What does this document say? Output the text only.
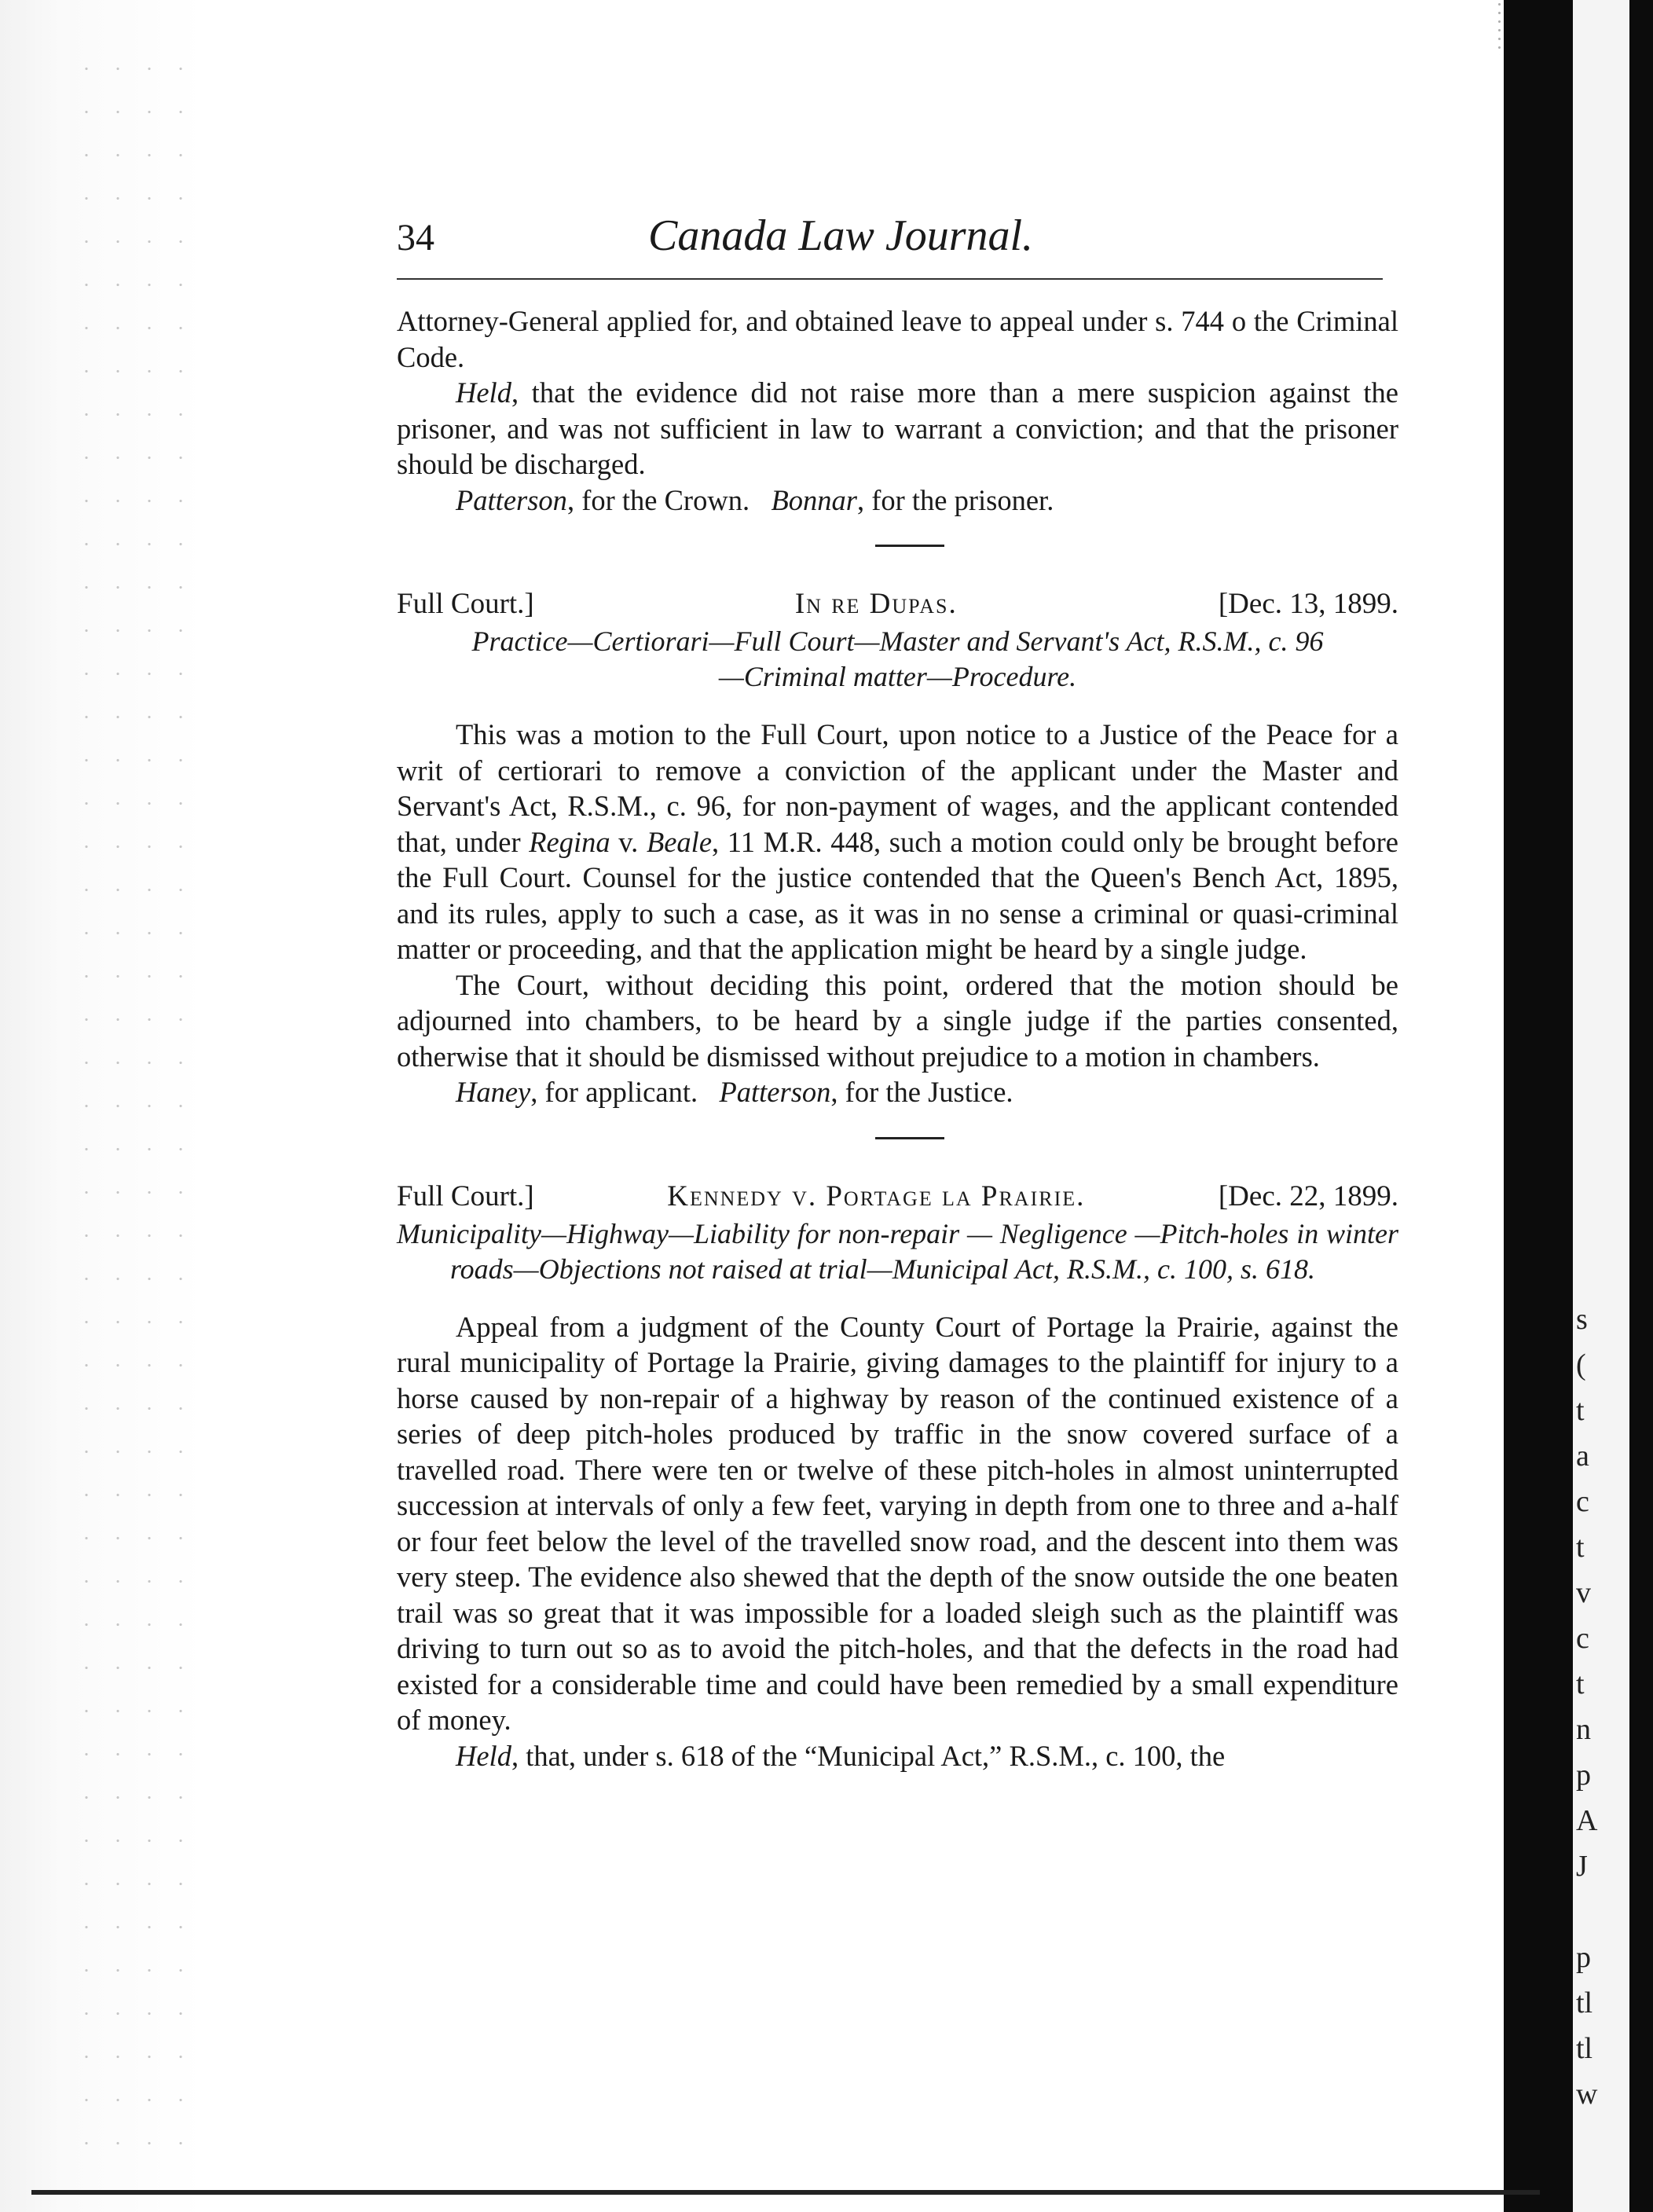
s
(
t
a
c
t
v
c
t
n
p
A
J
p
tl
tl
w
34	Canada Law Journal.

Attorney-General applied for, and obtained leave to appeal under s. 744 o the Criminal Code.

Held, that the evidence did not raise more than a mere suspicion against the prisoner, and was not sufficient in law to warrant a conviction; and that the prisoner should be discharged.

Patterson, for the Crown. Bonnar, for the prisoner.

Full Court.]	In re Dupas.	[Dec. 13, 1899.
Practice—Certiorari—Full Court—Master and Servant's Act, R.S.M., c. 96
—Criminal matter—Procedure.

This was a motion to the Full Court, upon notice to a Justice of the Peace for a writ of certiorari to remove a conviction of the applicant under the Master and Servant's Act, R.S.M., c. 96, for non-payment of wages, and the applicant contended that, under Regina v. Beale, 11 M.R. 448, such a motion could only be brought before the Full Court. Counsel for the justice contended that the Queen's Bench Act, 1895, and its rules, apply to such a case, as it was in no sense a criminal or quasi-criminal matter or proceeding, and that the application might be heard by a single judge.

The Court, without deciding this point, ordered that the motion should be adjourned into chambers, to be heard by a single judge if the parties consented, otherwise that it should be dismissed without prejudice to a motion in chambers.

Haney, for applicant. Patterson, for the Justice.

Full Court.]	Kennedy v. Portage la Prairie.	[Dec. 22, 1899.
Municipality—Highway—Liability for non-repair — Negligence —Pitch-holes in winter roads—Objections not raised at trial—Municipal Act, R.S.M., c. 100, s. 618.

Appeal from a judgment of the County Court of Portage la Prairie, against the rural municipality of Portage la Prairie, giving damages to the plaintiff for injury to a horse caused by non-repair of a highway by reason of the continued existence of a series of deep pitch-holes produced by traffic in the snow covered surface of a travelled road. There were ten or twelve of these pitch-holes in almost uninterrupted succession at intervals of only a few feet, varying in depth from one to three and a-half or four feet below the level of the travelled snow road, and the descent into them was very steep. The evidence also shewed that the depth of the snow outside the one beaten trail was so great that it was impossible for a loaded sleigh such as the plaintiff was driving to turn out so as to avoid the pitch-holes, and that the defects in the road had existed for a considerable time and could have been remedied by a small expenditure of money.

Held, that, under s. 618 of the “Municipal Act,” R.S.M., c. 100, the
